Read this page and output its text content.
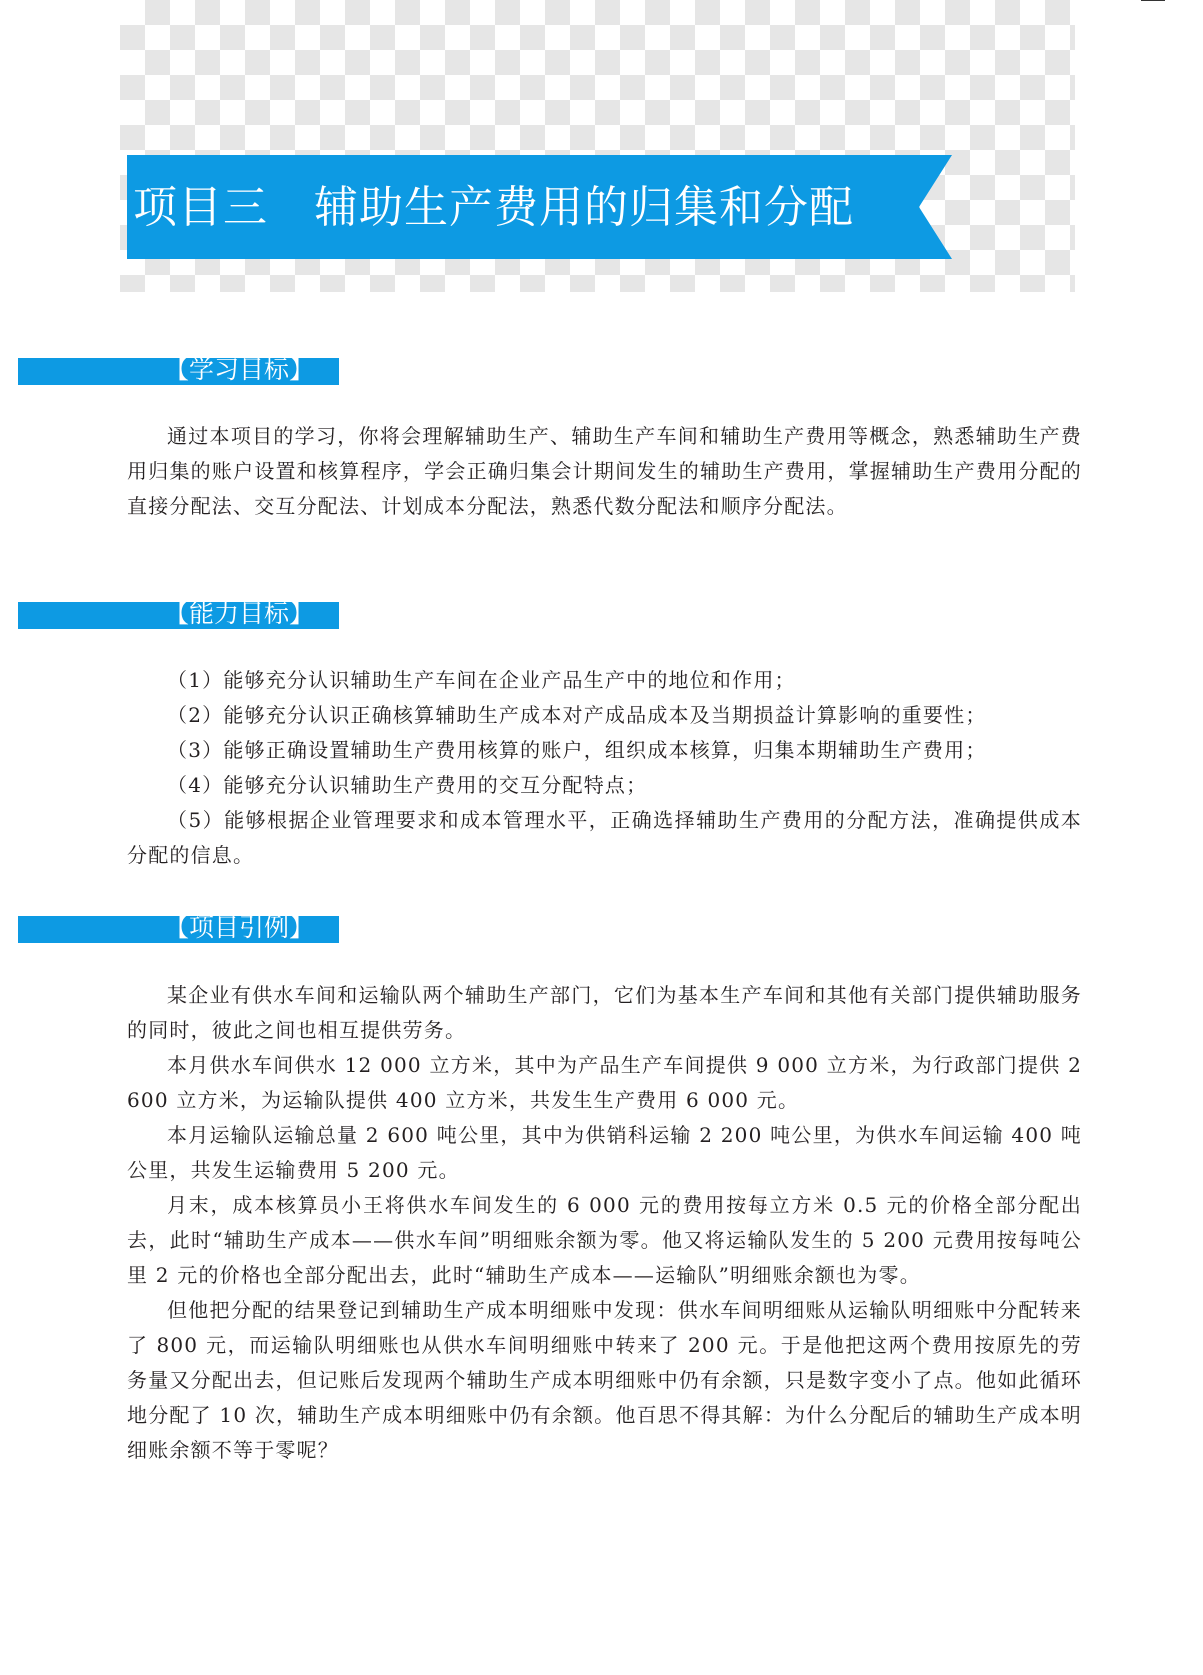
项目三 辅助生产费用的归集和分配
【学习目标】

通过本项目的学习，你将会理解辅助生产、辅助生产车间和辅助生产费用等概念，熟悉辅助生产费用归集的账户设置和核算程序，学会正确归集会计期间发生的辅助生产费用，掌握辅助生产费用分配的直接分配法、交互分配法、计划成本分配法，熟悉代数分配法和顺序分配法。

【能力目标】

（1）能够充分认识辅助生产车间在企业产品生产中的地位和作用；

（2）能够充分认识正确核算辅助生产成本对产成品成本及当期损益计算影响的重要性；

（3）能够正确设置辅助生产费用核算的账户，组织成本核算，归集本期辅助生产费用；

（4）能够充分认识辅助生产费用的交互分配特点；

（5）能够根据企业管理要求和成本管理水平，正确选择辅助生产费用的分配方法，准确提供成本分配的信息。

【项目引例】

某企业有供水车间和运输队两个辅助生产部门，它们为基本生产车间和其他有关部门提供辅助服务的同时，彼此之间也相互提供劳务。

本月供水车间供水 12 000 立方米，其中为产品生产车间提供 9 000 立方米，为行政部门提供 2 600 立方米，为运输队提供 400 立方米，共发生生产费用 6 000 元。

本月运输队运输总量 2 600 吨公里，其中为供销科运输 2 200 吨公里，为供水车间运输 400 吨公里，共发生运输费用 5 200 元。

月末，成本核算员小王将供水车间发生的 6 000 元的费用按每立方米 0.5 元的价格全部分配出去，此时“辅助生产成本——供水车间”明细账余额为零。他又将运输队发生的 5 200 元费用按每吨公里 2 元的价格也全部分配出去，此时“辅助生产成本——运输队”明细账余额也为零。

但他把分配的结果登记到辅助生产成本明细账中发现：供水车间明细账从运输队明细账中分配转来了 800 元，而运输队明细账也从供水车间明细账中转来了 200 元。于是他把这两个费用按原先的劳务量又分配出去，但记账后发现两个辅助生产成本明细账中仍有余额，只是数字变小了点。他如此循环地分配了 10 次，辅助生产成本明细账中仍有余额。他百思不得其解：为什么分配后的辅助生产成本明细账余额不等于零呢？
